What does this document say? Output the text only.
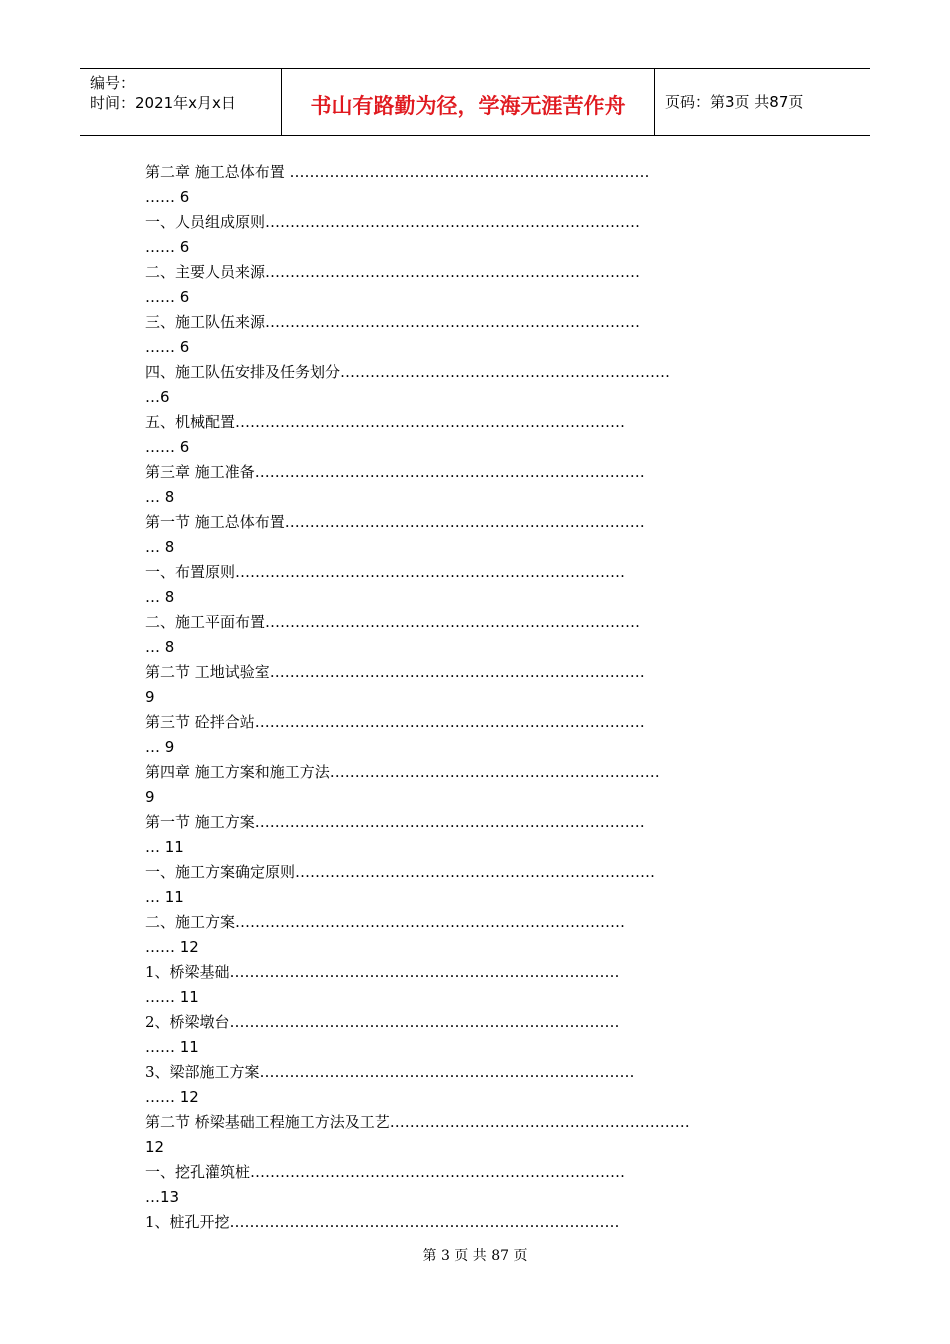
编号：
时间：2021年x月x日	书山有路勤为径，学海无涯苦作舟	页码：第3页 共87页
第二章 施工总体布置 ………………………………………………………………
…… 6
一、人员组成原则…………………………………………………………………
…… 6
二、主要人员来源…………………………………………………………………
…… 6
三、施工队伍来源…………………………………………………………………
…… 6
四、施工队伍安排及任务划分…………………………………………………………
…6
五、机械配置……………………………………………………………………
…… 6
第三章 施工准备……………………………………………………………………
… 8
第一节 施工总体布置………………………………………………………………
… 8
一、布置原则……………………………………………………………………
… 8
二、施工平面布置…………………………………………………………………
… 8
第二节 工地试验室…………………………………………………………………
9
第三节 砼拌合站……………………………………………………………………
… 9
第四章 施工方案和施工方法…………………………………………………………
9
第一节 施工方案……………………………………………………………………
… 11
一、施工方案确定原则………………………………………………………………
… 11
二、施工方案……………………………………………………………………
…… 12
1、桥梁基础……………………………………………………………………
…… 11
2、桥梁墩台……………………………………………………………………
…… 11
3、梁部施工方案…………………………………………………………………
…… 12
第二节 桥梁基础工程施工方法及工艺……………………………………………………
12
一、挖孔灌筑桩…………………………………………………………………
…13
1、桩孔开挖……………………………………………………………………
第 3 页 共 87 页
